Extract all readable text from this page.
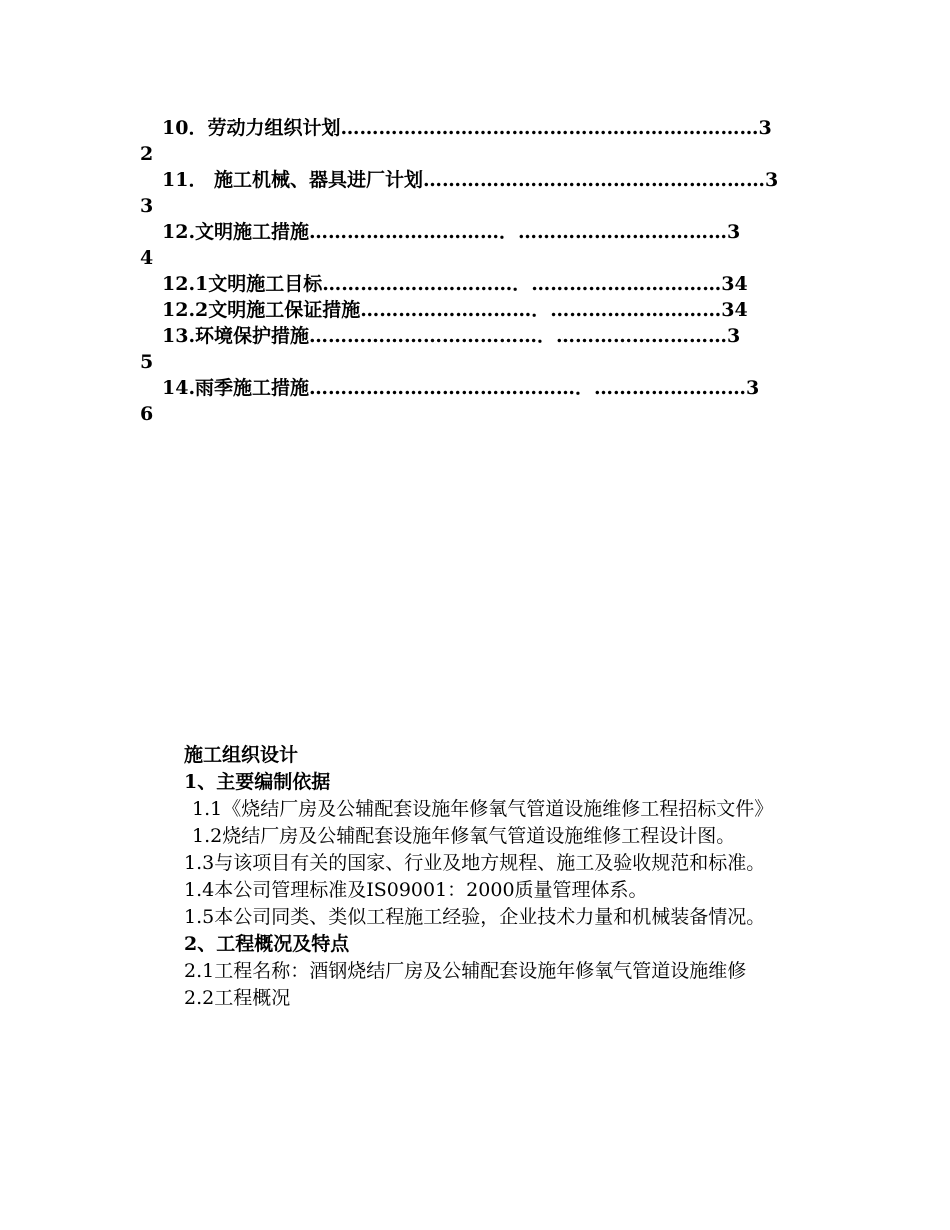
10．劳动力组织计划…………………………………………………………3
2
11． 施工机械、器具进厂计划………………………………………………3
3
12.文明施工措施…………………………．……………………………3
4
12.1文明施工目标…………………………．…………………………34
12.2文明施工保证措施………………………．………………………34
13.环境保护措施………………………………．………………………3
5
14.雨季施工措施……………………………………．……………………3
6

施工组织设计

1、主要编制依据

1.1《烧结厂房及公辅配套设施年修氧气管道设施维修工程招标文件》

1.2烧结厂房及公辅配套设施年修氧气管道设施维修工程设计图。

1.3与该项目有关的国家、行业及地方规程、施工及验收规范和标准。

1.4本公司管理标准及IS09001：2000质量管理体系。

1.5本公司同类、类似工程施工经验，企业技术力量和机械装备情况。

2、工程概况及特点

2.1工程名称：酒钢烧结厂房及公辅配套设施年修氧气管道设施维修

2.2工程概况
